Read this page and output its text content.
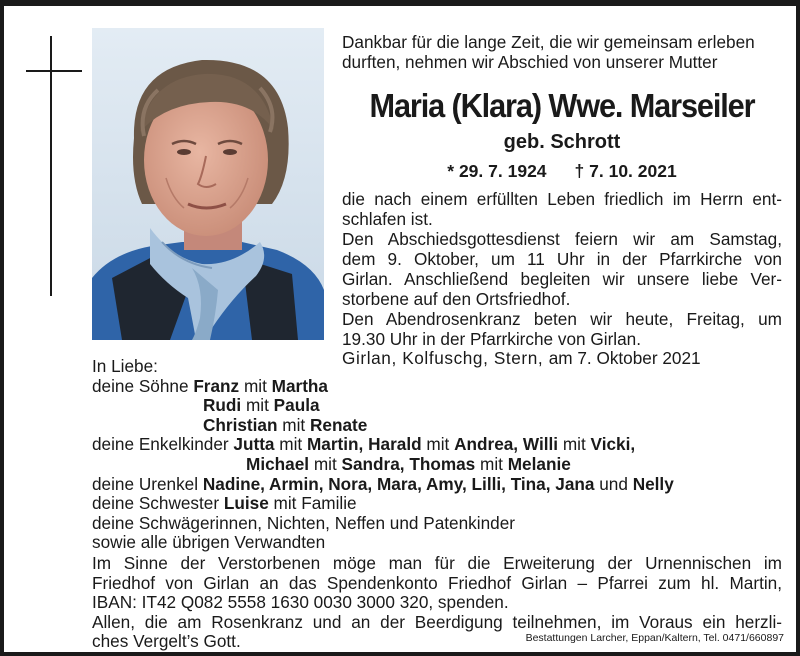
Dankbar für die lange Zeit, die wir gemeinsam erleben
durften, nehmen wir Abschied von unserer Mutter
Maria (Klara) Wwe. Marseiler
geb. Schrott
* 29. 7. 1924 † 7. 10. 2021
die nach einem erfüllten Leben friedlich im Herrn ent-
schlafen ist.
Den Abschiedsgottesdienst feiern wir am Samstag,
dem 9. Oktober, um 11 Uhr in der Pfarrkirche von
Girlan. Anschließend begleiten wir unsere liebe Ver-
storbene auf den Ortsfriedhof.
Den Abendrosenkranz beten wir heute, Freitag, um
19.30 Uhr in der Pfarrkirche von Girlan.
Girlan, Kolfuschg, Stern, am 7. Oktober 2021
In Liebe:
deine Söhne Franz mit Martha
Rudi mit Paula
Christian mit Renate
deine Enkelkinder Jutta mit Martin, Harald mit Andrea, Willi mit Vicki,
Michael mit Sandra, Thomas mit Melanie
deine Urenkel Nadine, Armin, Nora, Mara, Amy, Lilli, Tina, Jana und Nelly
deine Schwester Luise mit Familie
deine Schwägerinnen, Nichten, Neffen und Patenkinder
sowie alle übrigen Verwandten
Im Sinne der Verstorbenen möge man für die Erweiterung der Urnennischen im
Friedhof von Girlan an das Spendenkonto Friedhof Girlan – Pfarrei zum hl. Martin,
IBAN: IT42 Q082 5558 1630 0030 3000 320, spenden.
Allen, die am Rosenkranz und an der Beerdigung teilnehmen, im Voraus ein herzli-
ches Vergelt’s Gott.	Bestattungen Larcher, Eppan/Kaltern, Tel. 0471/660897
